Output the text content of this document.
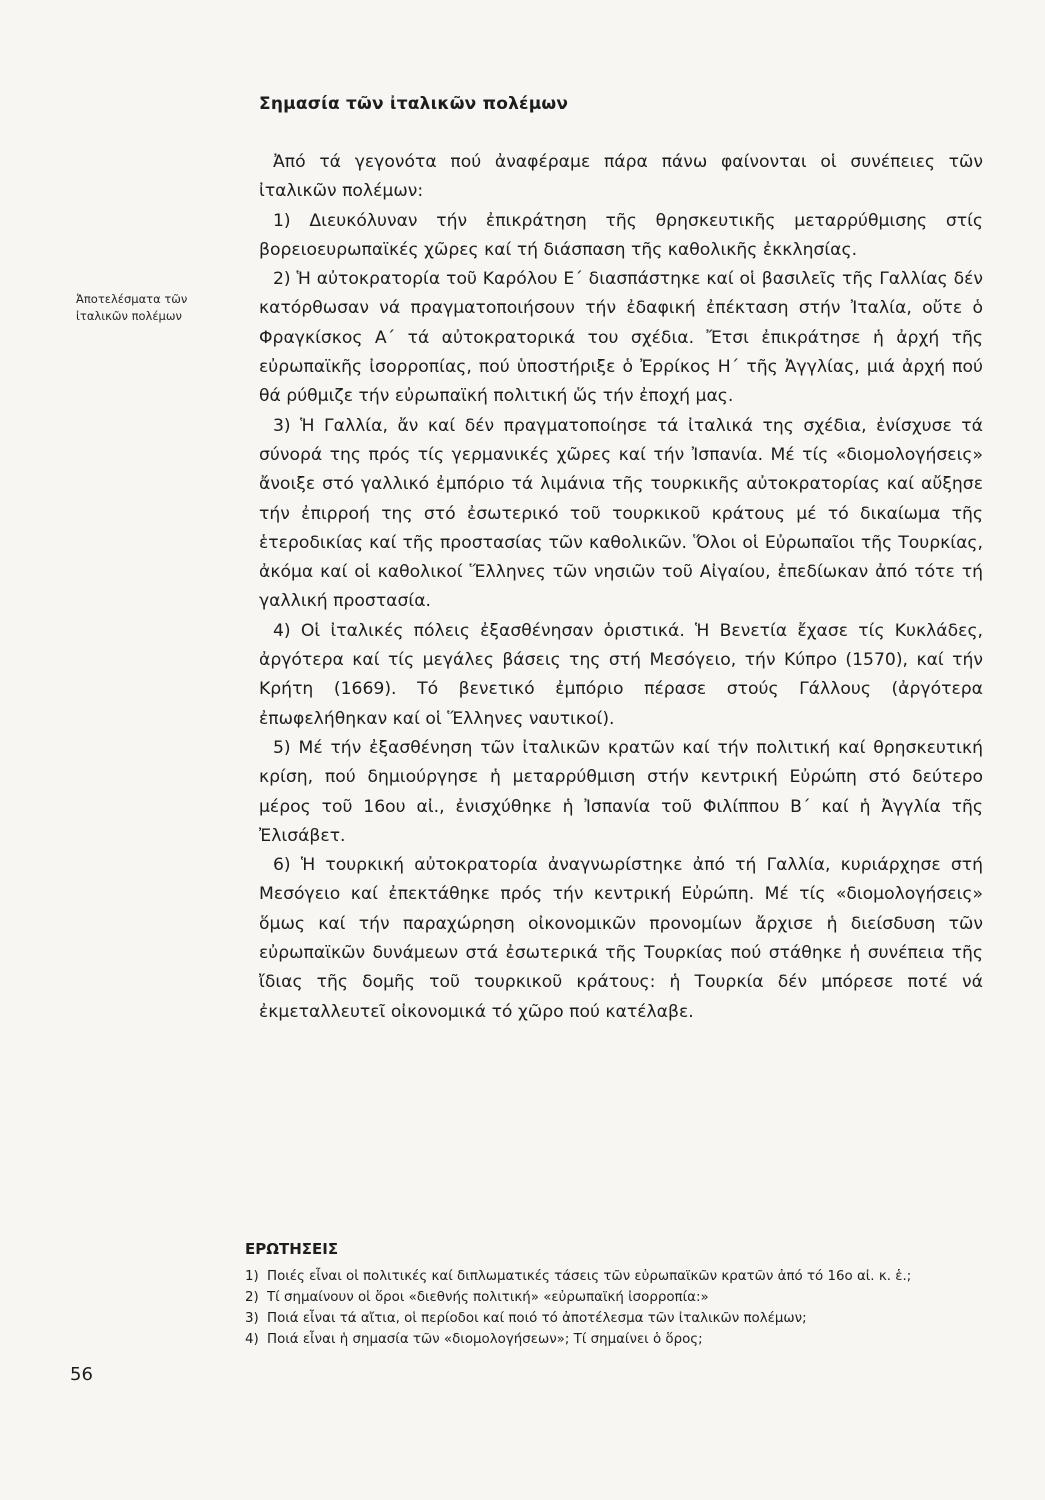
Ἀποτελέσματα τῶν ἰταλικῶν πολέμων
Σημασία τῶν ἰταλικῶν πολέμων

Ἀπό τά γεγονότα πού ἀναφέραμε πάρα πάνω φαίνονται οἱ συνέπειες τῶν ἰταλικῶν πολέμων:

1) Διευκόλυναν τήν ἐπικράτηση τῆς θρησκευτικῆς μεταρρύθμισης στίς βορειοευρωπαϊκές χῶρες καί τή διάσπαση τῆς καθολικῆς ἐκκλησίας.

2) Ἡ αὐτοκρατορία τοῦ Καρόλου Ε΄ διασπάστηκε καί οἱ βασιλεῖς τῆς Γαλλίας δέν κατόρθωσαν νά πραγματοποιήσουν τήν ἐδαφική ἐπέκταση στήν Ἰταλία, οὔτε ὁ Φραγκίσκος Α΄ τά αὐτοκρατορικά του σχέδια. Ἔτσι ἐπικράτησε ἡ ἀρχή τῆς εὐρωπαϊκῆς ἰσορροπίας, πού ὑποστήριξε ὁ Ἐρρίκος Η΄ τῆς Ἀγγλίας, μιά ἀρχή πού θά ρύθμιζε τήν εὐρωπαϊκή πολιτική ὥς τήν ἐποχή μας.

3) Ἡ Γαλλία, ἄν καί δέν πραγματοποίησε τά ἰταλικά της σχέδια, ἐνίσχυσε τά σύνορά της πρός τίς γερμανικές χῶρες καί τήν Ἰσπανία. Μέ τίς «διομολογήσεις» ἄνοιξε στό γαλλικό ἐμπόριο τά λιμάνια τῆς τουρκικῆς αὐτοκρατορίας καί αὔξησε τήν ἐπιρροή της στό ἐσωτερικό τοῦ τουρκικοῦ κράτους μέ τό δικαίωμα τῆς ἑτεροδικίας καί τῆς προστασίας τῶν καθολικῶν. Ὅλοι οἱ Εὐρωπαῖοι τῆς Τουρκίας, ἀκόμα καί οἱ καθολικοί Ἕλληνες τῶν νησιῶν τοῦ Αἰγαίου, ἐπεδίωκαν ἀπό τότε τή γαλλική προστασία.

4) Οἱ ἰταλικές πόλεις ἐξασθένησαν ὁριστικά. Ἡ Βενετία ἔχασε τίς Κυκλάδες, ἀργότερα καί τίς μεγάλες βάσεις της στή Μεσόγειο, τήν Κύπρο (1570), καί τήν Κρήτη (1669). Τό βενετικό ἐμπόριο πέρασε στούς Γάλλους (ἀργότερα ἐπωφελήθηκαν καί οἱ Ἕλληνες ναυτικοί).

5) Μέ τήν ἐξασθένηση τῶν ἰταλικῶν κρατῶν καί τήν πολιτική καί θρησκευτική κρίση, πού δημιούργησε ἡ μεταρρύθμιση στήν κεντρική Εὐρώπη στό δεύτερο μέρος τοῦ 16ου αἰ., ἐνισχύθηκε ἡ Ἰσπανία τοῦ Φιλίππου Β΄ καί ἡ Ἀγγλία τῆς Ἐλισάβετ.

6) Ἡ τουρκική αὐτοκρατορία ἀναγνωρίστηκε ἀπό τή Γαλλία, κυριάρχησε στή Μεσόγειο καί ἐπεκτάθηκε πρός τήν κεντρική Εὐρώπη. Μέ τίς «διομολογήσεις» ὅμως καί τήν παραχώρηση οἰκονομικῶν προνομίων ἄρχισε ἡ διείσδυση τῶν εὐρωπαϊκῶν δυνάμεων στά ἐσωτερικά τῆς Τουρκίας πού στάθηκε ἡ συνέπεια τῆς ἴδιας τῆς δομῆς τοῦ τουρκικοῦ κράτους: ἡ Τουρκία δέν μπόρεσε ποτέ νά ἐκμεταλλευτεῖ οἰκονομικά τό χῶρο πού κατέλαβε.

ΕΡΩΤΗΣΕΙΣ
1) Ποιές εἶναι οἱ πολιτικές καί διπλωματικές τάσεις τῶν εὐρωπαϊκῶν κρατῶν ἀπό τό 16ο αἰ. κ. ἑ.;
2) Τί σημαίνουν οἱ ὅροι «διεθνής πολιτική» «εὐρωπαϊκή ἰσορροπία:»
3) Ποιά εἶναι τά αἴτια, οἱ περίοδοι καί ποιό τό ἀποτέλεσμα τῶν ἰταλικῶν πολέμων;
4) Ποιά εἶναι ἡ σημασία τῶν «διομολογήσεων»; Τί σημαίνει ὁ ὅρος;
56
